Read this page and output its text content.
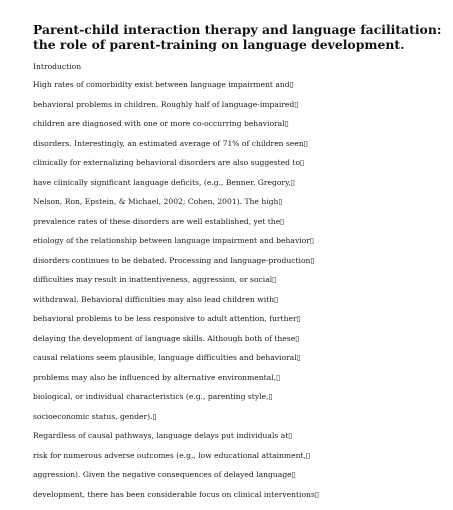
Parent-child interaction therapy and language facilitation:
the role of parent-training on language development.
Introduction
High rates of comorbidity exist between language impairment and▯
behavioral problems in children. Roughly half of language-impaired▯
children are diagnosed with one or more co-occurring behavioral▯
disorders. Interestingly, an estimated average of 71% of children seen▯
clinically for externalizing behavioral disorders are also suggested to▯
have clinically significant language deficits, (e.g., Benner, Gregory,▯
Nelson, Ron, Epstein, & Michael, 2002; Cohen, 2001). The high▯
prevalence rates of these disorders are well established, yet the▯
etiology of the relationship between language impairment and behavior▯
disorders continues to be debated. Processing and language-production▯
difficulties may result in inattentiveness, aggression, or social▯
withdrawal. Behavioral difficulties may also lead children with▯
behavioral problems to be less responsive to adult attention, further▯
delaying the development of language skills. Although both of these▯
causal relations seem plausible, language difficulties and behavioral▯
problems may also be influenced by alternative environmental,▯
biological, or individual characteristics (e.g., parenting style,▯
socioeconomic status, gender).▯
Regardless of causal pathways, language delays put individuals at▯
risk for numerous adverse outcomes (e.g., low educational attainment,▯
aggression). Given the negative consequences of delayed language▯
development, there has been considerable focus on clinical interventions▯
